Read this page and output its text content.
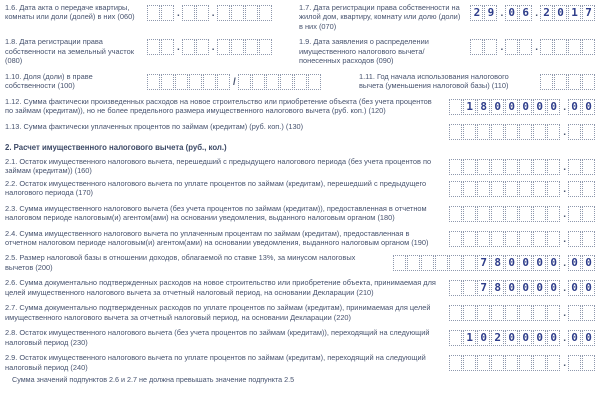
1.6. Дата акта о передаче квартиры, комнаты или доли (долей) в них (060)	.	.
1.7. Дата регистрации права собственности на жилой дом, квартиру, комнату или долю (доли) в них (070)
2 9 . 0 6 . 2 0 1 7
1.8. Дата регистрации права собственности на земельный участок (080)
.	.
1.9. Дата заявления о распределении имущественного налогового вычета/ понесенных расходов (090)
.	.
1.10. Доля (доли) в праве собственности (100)	/
1.11. Год начала использования налогового вычета (уменьшения налоговой базы) (110)
1.12. Сумма фактически произведенных расходов на новое строительство или приобретение объекта (без учета процентов по займам (кредитам)), но не более предельного размера имущественного налогового вычета (руб. коп.) (120)	1 8 0 0 0 0 0 . 0 0
1.13. Сумма фактически уплаченных процентов по займам (кредитам) (руб. коп.) (130)
.
2. Расчет имущественного налогового вычета (руб., кол.)
2.1. Остаток имущественного налогового вычета, перешедший с предыдущего налогового периода (без учета процентов по займам (кредитам)) (160)	.
2.2. Остаток имущественного налогового вычета по уплате процентов по займам (кредитам), перешедший с предыдущего налогового периода (170)	.
2.3. Сумма имущественного налогового вычета (без учета процентов по займам (кредитам)), предоставленная в отчетном налоговом периоде налоговым(и) агентом(ами) на основании уведомления, выданного налоговым органом (180)	.
2.4. Сумма имущественного налогового вычета по уплаченным процентам по займам (кредитам), предоставленная в отчетном налоговом периоде налоговым(и) агентом(ами) на основании уведомления, выданного налоговым органом (190)	.
2.5. Размер налоговой базы в отношении доходов, облагаемой по ставке 13%, за минусом налоговых вычетов (200)	7 8 0 0 0 0 . 0 0
2.6. Сумма документально подтвержденных расходов на новое строительство или приобретение объекта, принимаемая для целей имущественного налогового вычета за отчетный налоговый период, на основании Декларации (210)	7 8 0 0 0 0 . 0 0
2.7. Сумма документально подтвержденных расходов по уплате процентов по займам (кредитам), принимаемая для целей имущественного налогового вычета за отчетный налоговый период, на основании Декларации (220)	.
2.8. Остаток имущественного налогового вычета (без учета процентов по займам (кредитам)), переходящий на следующий налоговый период (230)	1 0 2 0 0 0 0 . 0 0
2.9. Остаток имущественного налогового вычета по уплате процентов по займам (кредитам), переходящий на следующий налоговый период (240)	.
Сумма значений подпунктов 2.6 и 2.7 не должна превышать значение подпункта 2.5
